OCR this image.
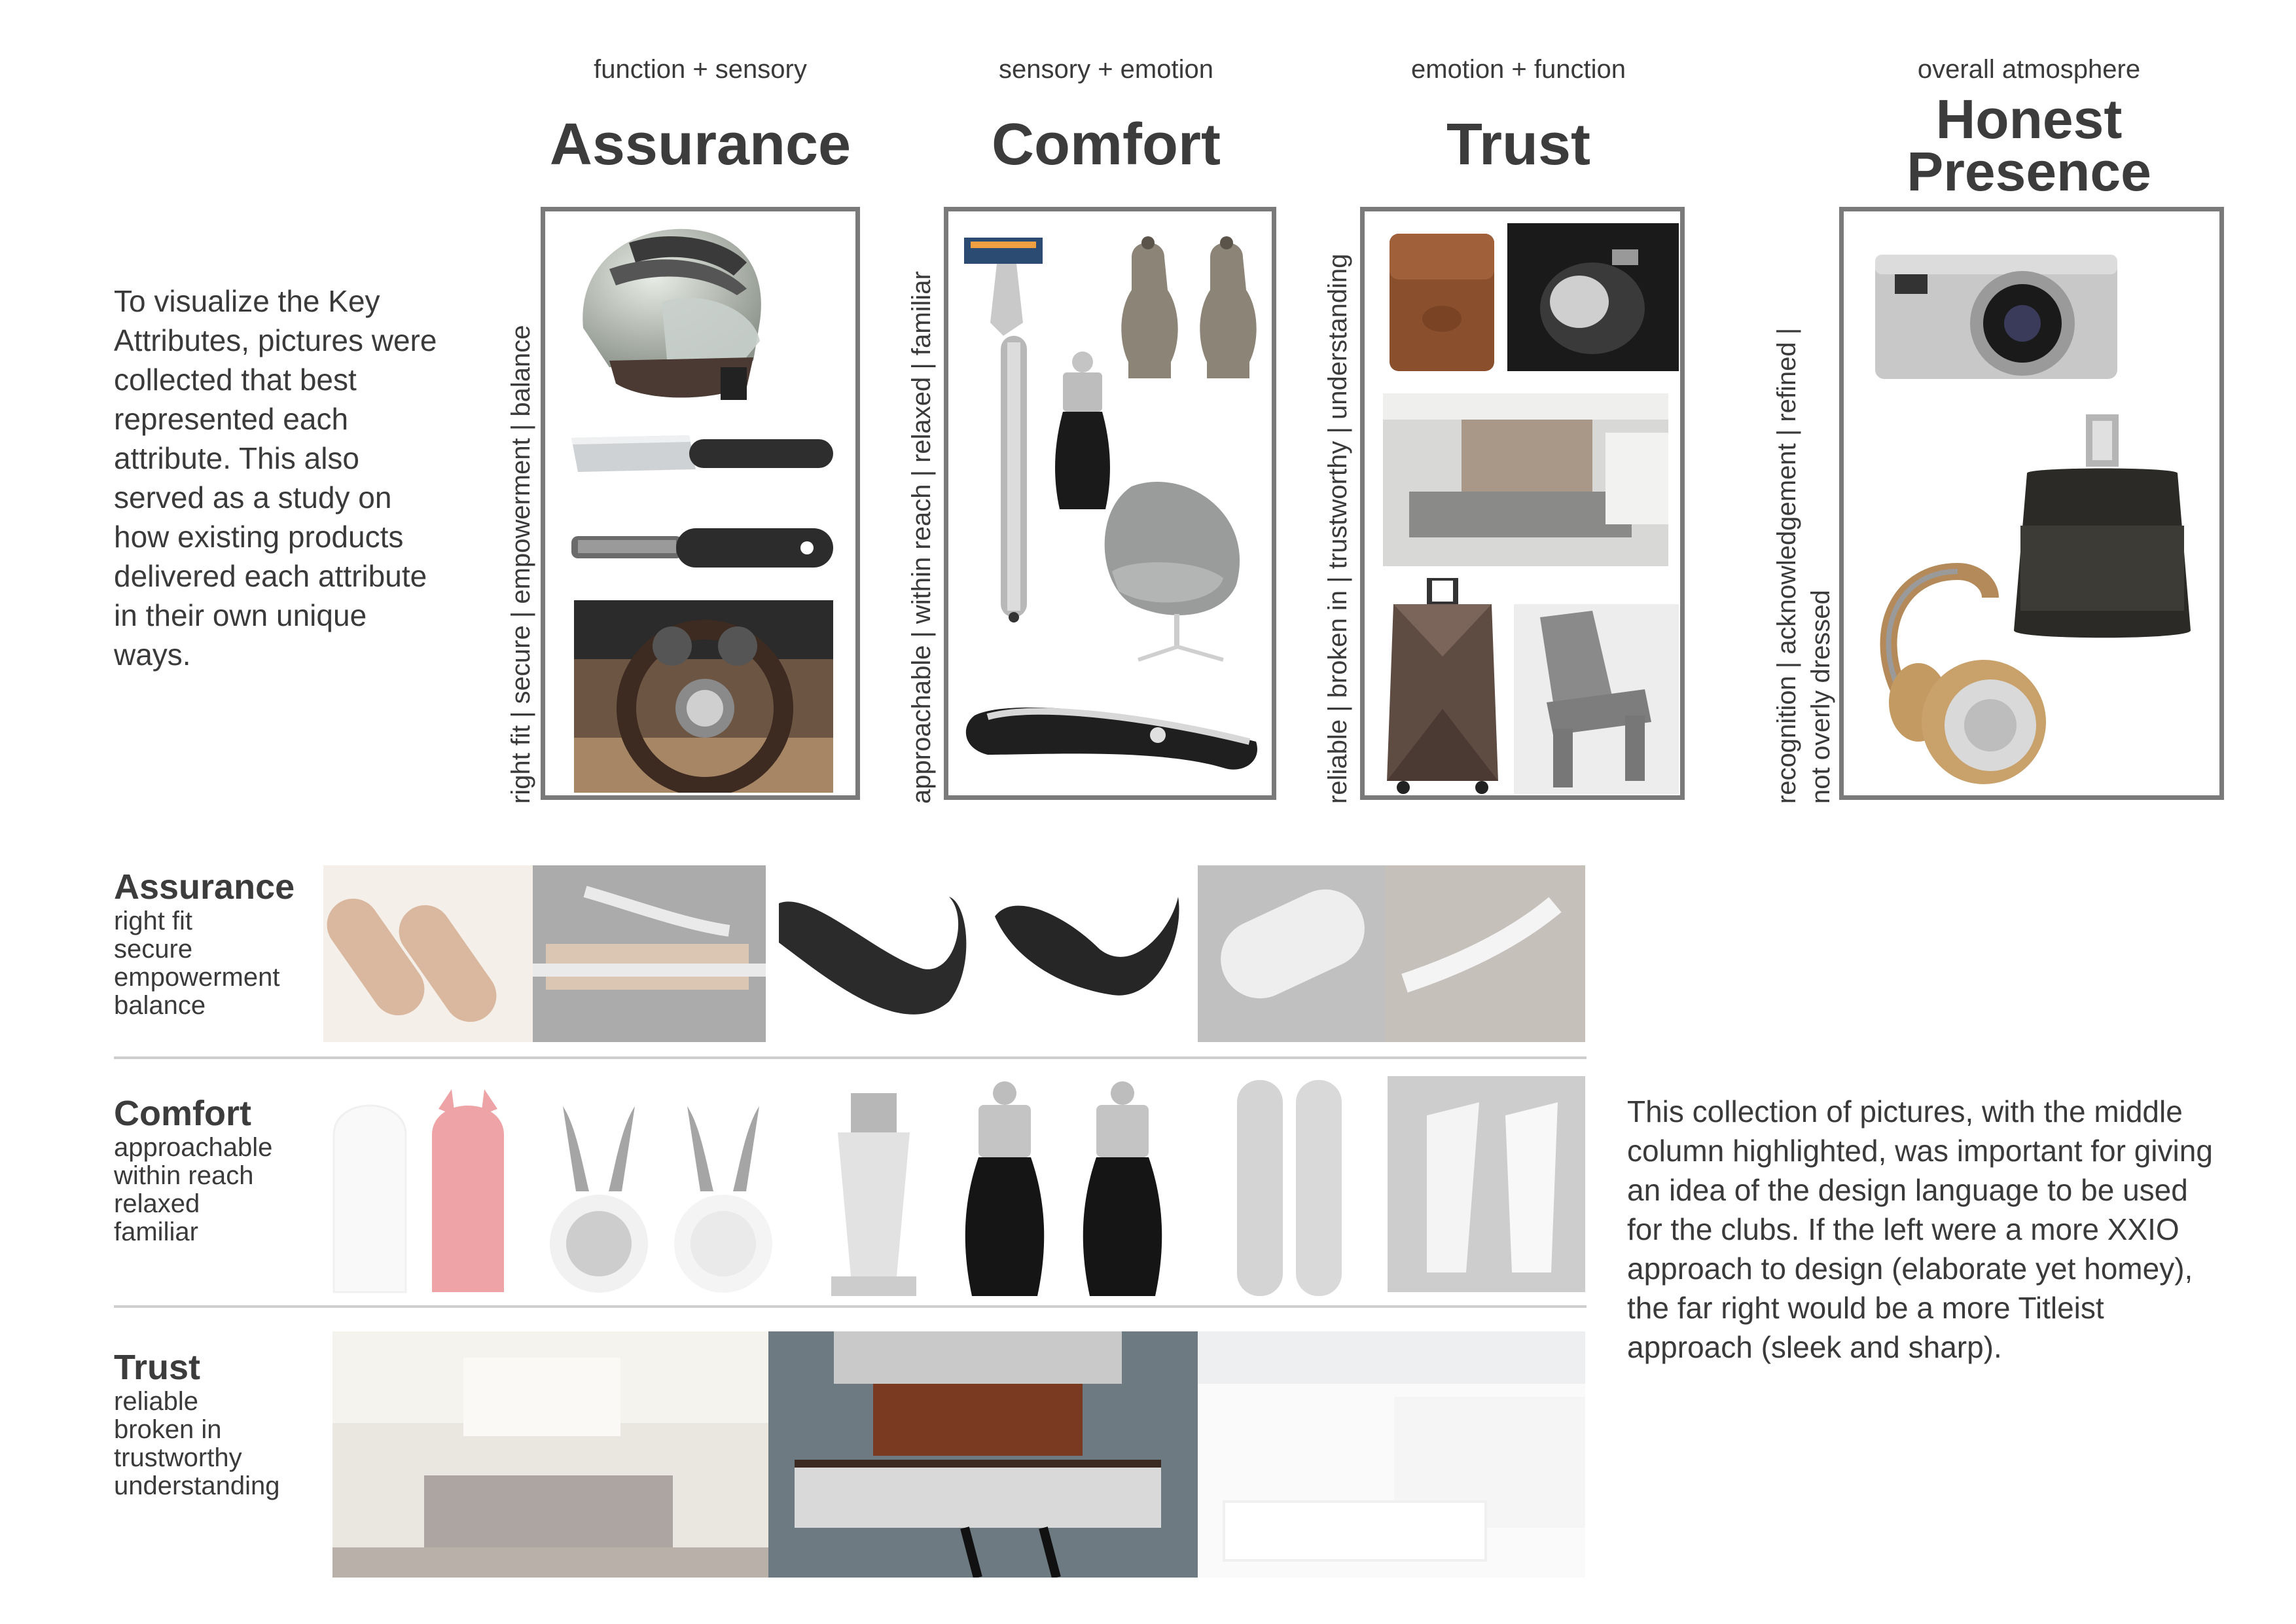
function + sensory
Assurance
sensory + emotion
Comfort
emotion + function
Trust
overall atmosphere
Honest
Presence
To visualize the Key Attributes, pictures were collected that best represented each attribute. This also served as a study on how existing products delivered each attribute in their own unique ways.	right fit | secure | empowerment | balance	approachable | within reach | relaxed | familiar	reliable | broken in | trustworthy | understanding	recognition | acknowledgement | refined | not overly dressed
Assurance
right fit
secure
empowerment
balance
Comfort
approachable
within reach
relaxed
familiar
Trust
reliable
broken in
trustworthy
understanding
This collection of pictures, with the middle column highlighted, was important for giving an idea of the design language to be used for the clubs. If the left were a more XXIO approach to design (elaborate yet homey), the far right would be a more Titleist approach (sleek and sharp).
